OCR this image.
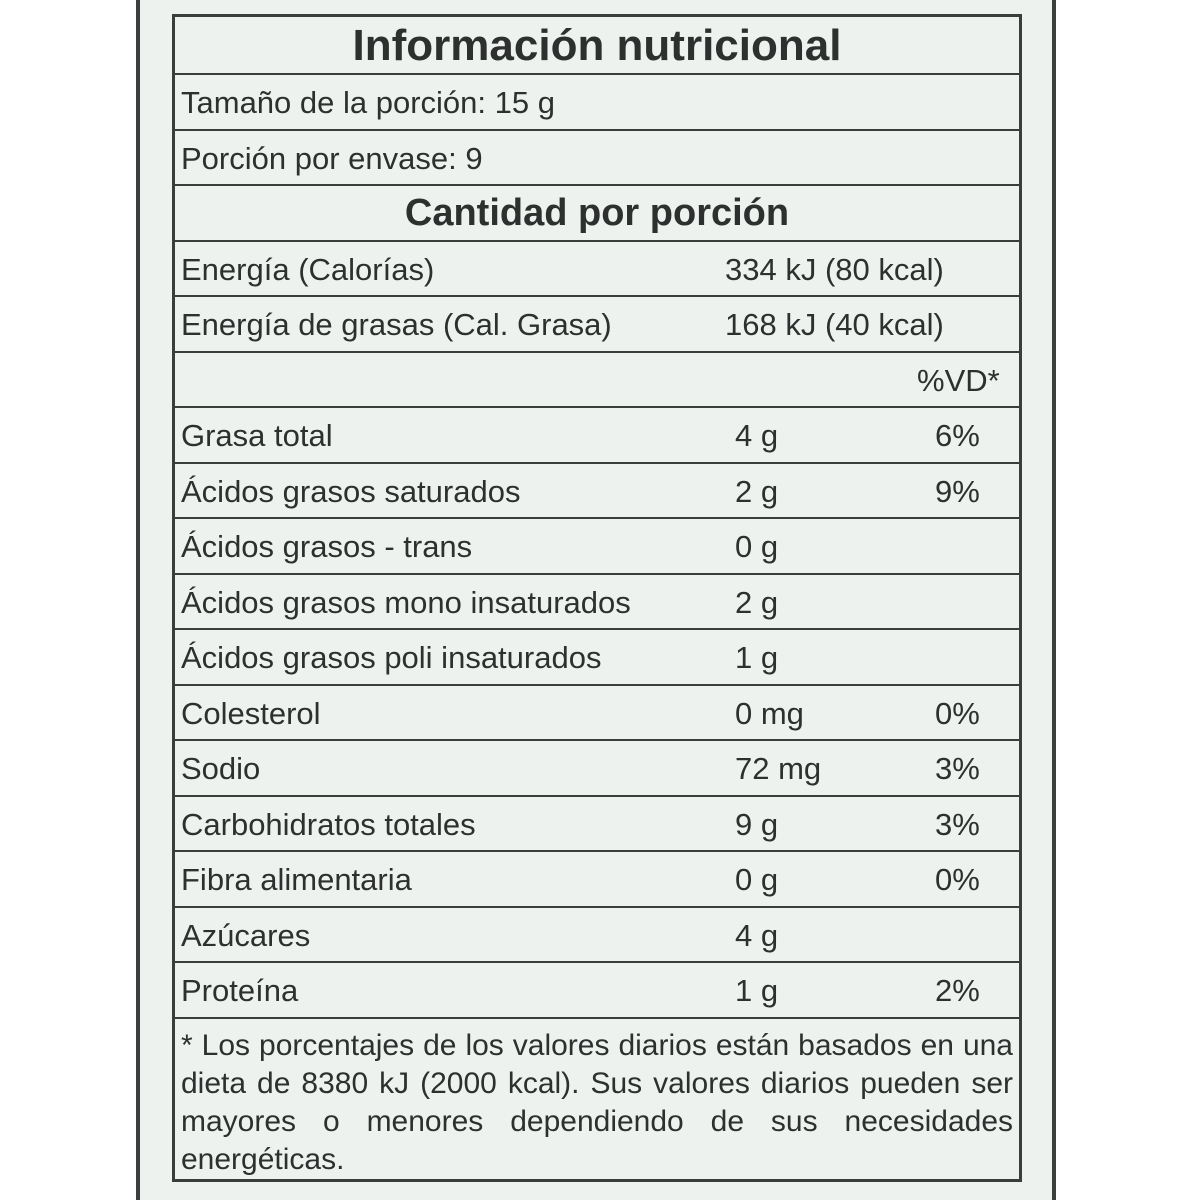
Información nutricional
Tamaño de la porción: 15 g
Porción por envase: 9
Cantidad por porción
Energía (Calorías)	334 kJ (80 kcal)
Energía de grasas (Cal. Grasa)	168 kJ (40 kcal)
%VD*
Grasa total	4 g	6%
Ácidos grasos saturados	2 g	9%
Ácidos grasos - trans	0 g
Ácidos grasos mono insaturados	2 g
Ácidos grasos poli insaturados	1 g
Colesterol	0 mg	0%
Sodio	72 mg	3%
Carbohidratos totales	9 g	3%
Fibra alimentaria	0 g	0%
Azúcares	4 g
Proteína	1 g	2%
* Los porcentajes de los valores diarios están basados en una dieta de 8380 kJ (2000 kcal). Sus valores diarios pueden ser mayores o menores dependiendo de sus necesidades energéticas.
